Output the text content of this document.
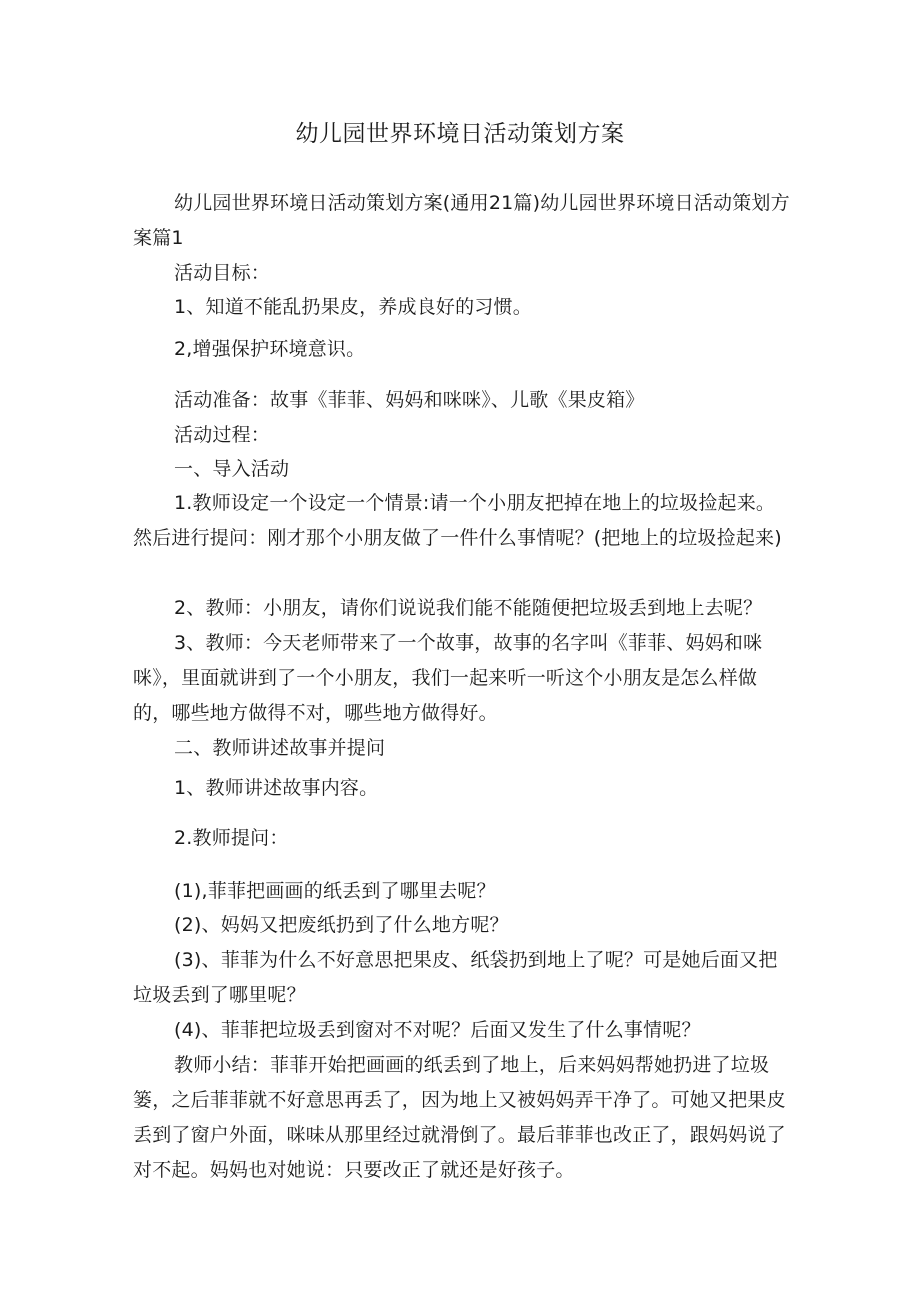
幼儿园世界环境日活动策划方案

幼儿园世界环境日活动策划方案(通用21篇)幼儿园世界环境日活动策划方案篇1

活动目标：

1、知道不能乱扔果皮，养成良好的习惯。

2,增强保护环境意识。

活动准备：故事《菲菲、妈妈和咪咪》、儿歌《果皮箱》

活动过程：

一、导入活动

1.教师设定一个设定一个情景:请一个小朋友把掉在地上的垃圾捡起来。然后进行提问：刚才那个小朋友做了一件什么事情呢？(把地上的垃圾捡起来)

2、教师：小朋友，请你们说说我们能不能随便把垃圾丢到地上去呢？

3、教师：今天老师带来了一个故事，故事的名字叫《菲菲、妈妈和咪咪》，里面就讲到了一个小朋友，我们一起来听一听这个小朋友是怎么样做的，哪些地方做得不对，哪些地方做得好。

二、教师讲述故事并提问

1、教师讲述故事内容。

2.教师提问：

(1),菲菲把画画的纸丢到了哪里去呢？

(2)、妈妈又把废纸扔到了什么地方呢？

(3)、菲菲为什么不好意思把果皮、纸袋扔到地上了呢？可是她后面又把垃圾丢到了哪里呢？

(4)、菲菲把垃圾丢到窗对不对呢？后面又发生了什么事情呢？

教师小结：菲菲开始把画画的纸丢到了地上，后来妈妈帮她扔进了垃圾篓，之后菲菲就不好意思再丢了，因为地上又被妈妈弄干净了。可她又把果皮丢到了窗户外面，咪味从那里经过就滑倒了。最后菲菲也改正了，跟妈妈说了对不起。妈妈也对她说：只要改正了就还是好孩子。
